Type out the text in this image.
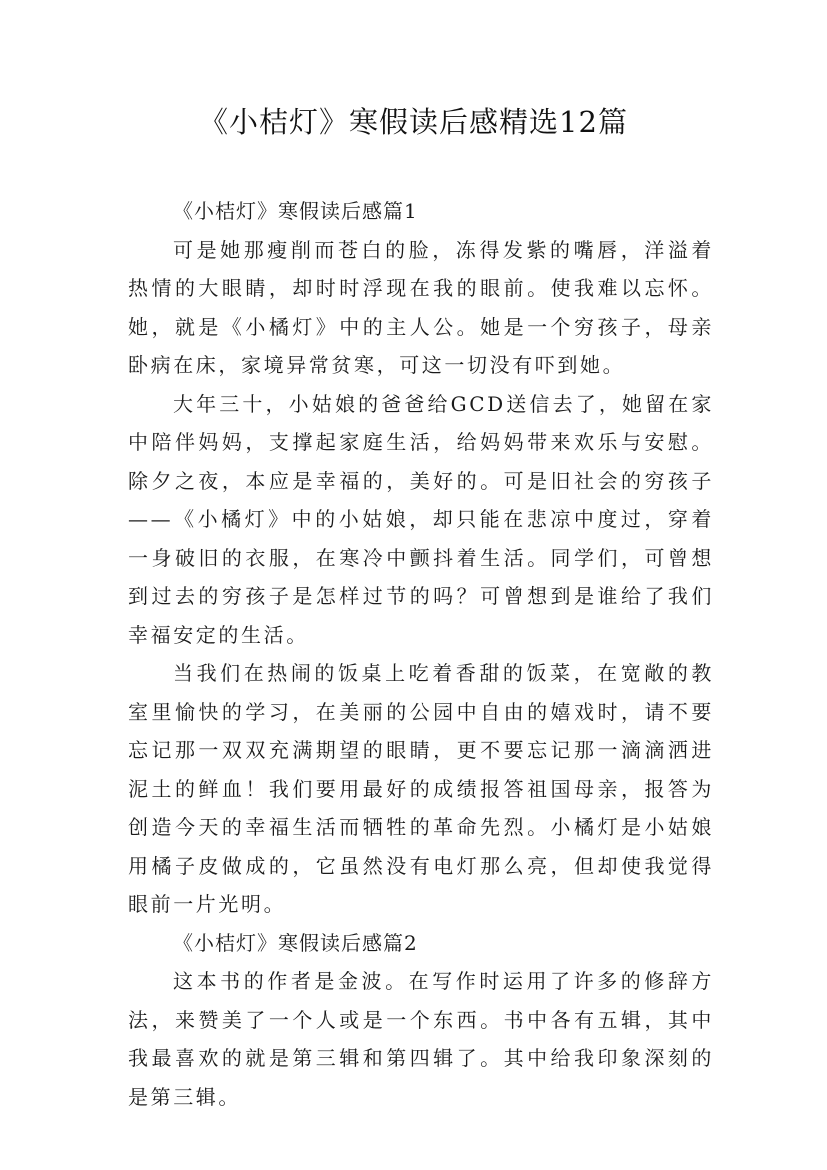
《小桔灯》寒假读后感精选12篇

《小桔灯》寒假读后感篇1

可是她那瘦削而苍白的脸，冻得发紫的嘴唇，洋溢着热情的大眼睛，却时时浮现在我的眼前。使我难以忘怀。她，就是《小橘灯》中的主人公。她是一个穷孩子，母亲卧病在床，家境异常贫寒，可这一切没有吓到她。

大年三十，小姑娘的爸爸给GCD送信去了，她留在家中陪伴妈妈，支撑起家庭生活，给妈妈带来欢乐与安慰。除夕之夜，本应是幸福的，美好的。可是旧社会的穷孩子——《小橘灯》中的小姑娘，却只能在悲凉中度过，穿着一身破旧的衣服，在寒冷中颤抖着生活。同学们，可曾想到过去的穷孩子是怎样过节的吗？可曾想到是谁给了我们幸福安定的生活。

当我们在热闹的饭桌上吃着香甜的饭菜，在宽敞的教室里愉快的学习，在美丽的公园中自由的嬉戏时，请不要忘记那一双双充满期望的眼睛，更不要忘记那一滴滴洒进泥土的鲜血！我们要用最好的成绩报答祖国母亲，报答为创造今天的幸福生活而牺牲的革命先烈。小橘灯是小姑娘用橘子皮做成的，它虽然没有电灯那么亮，但却使我觉得眼前一片光明。

《小桔灯》寒假读后感篇2

这本书的作者是金波。在写作时运用了许多的修辞方法，来赞美了一个人或是一个东西。书中各有五辑，其中我最喜欢的就是第三辑和第四辑了。其中给我印象深刻的是第三辑。
